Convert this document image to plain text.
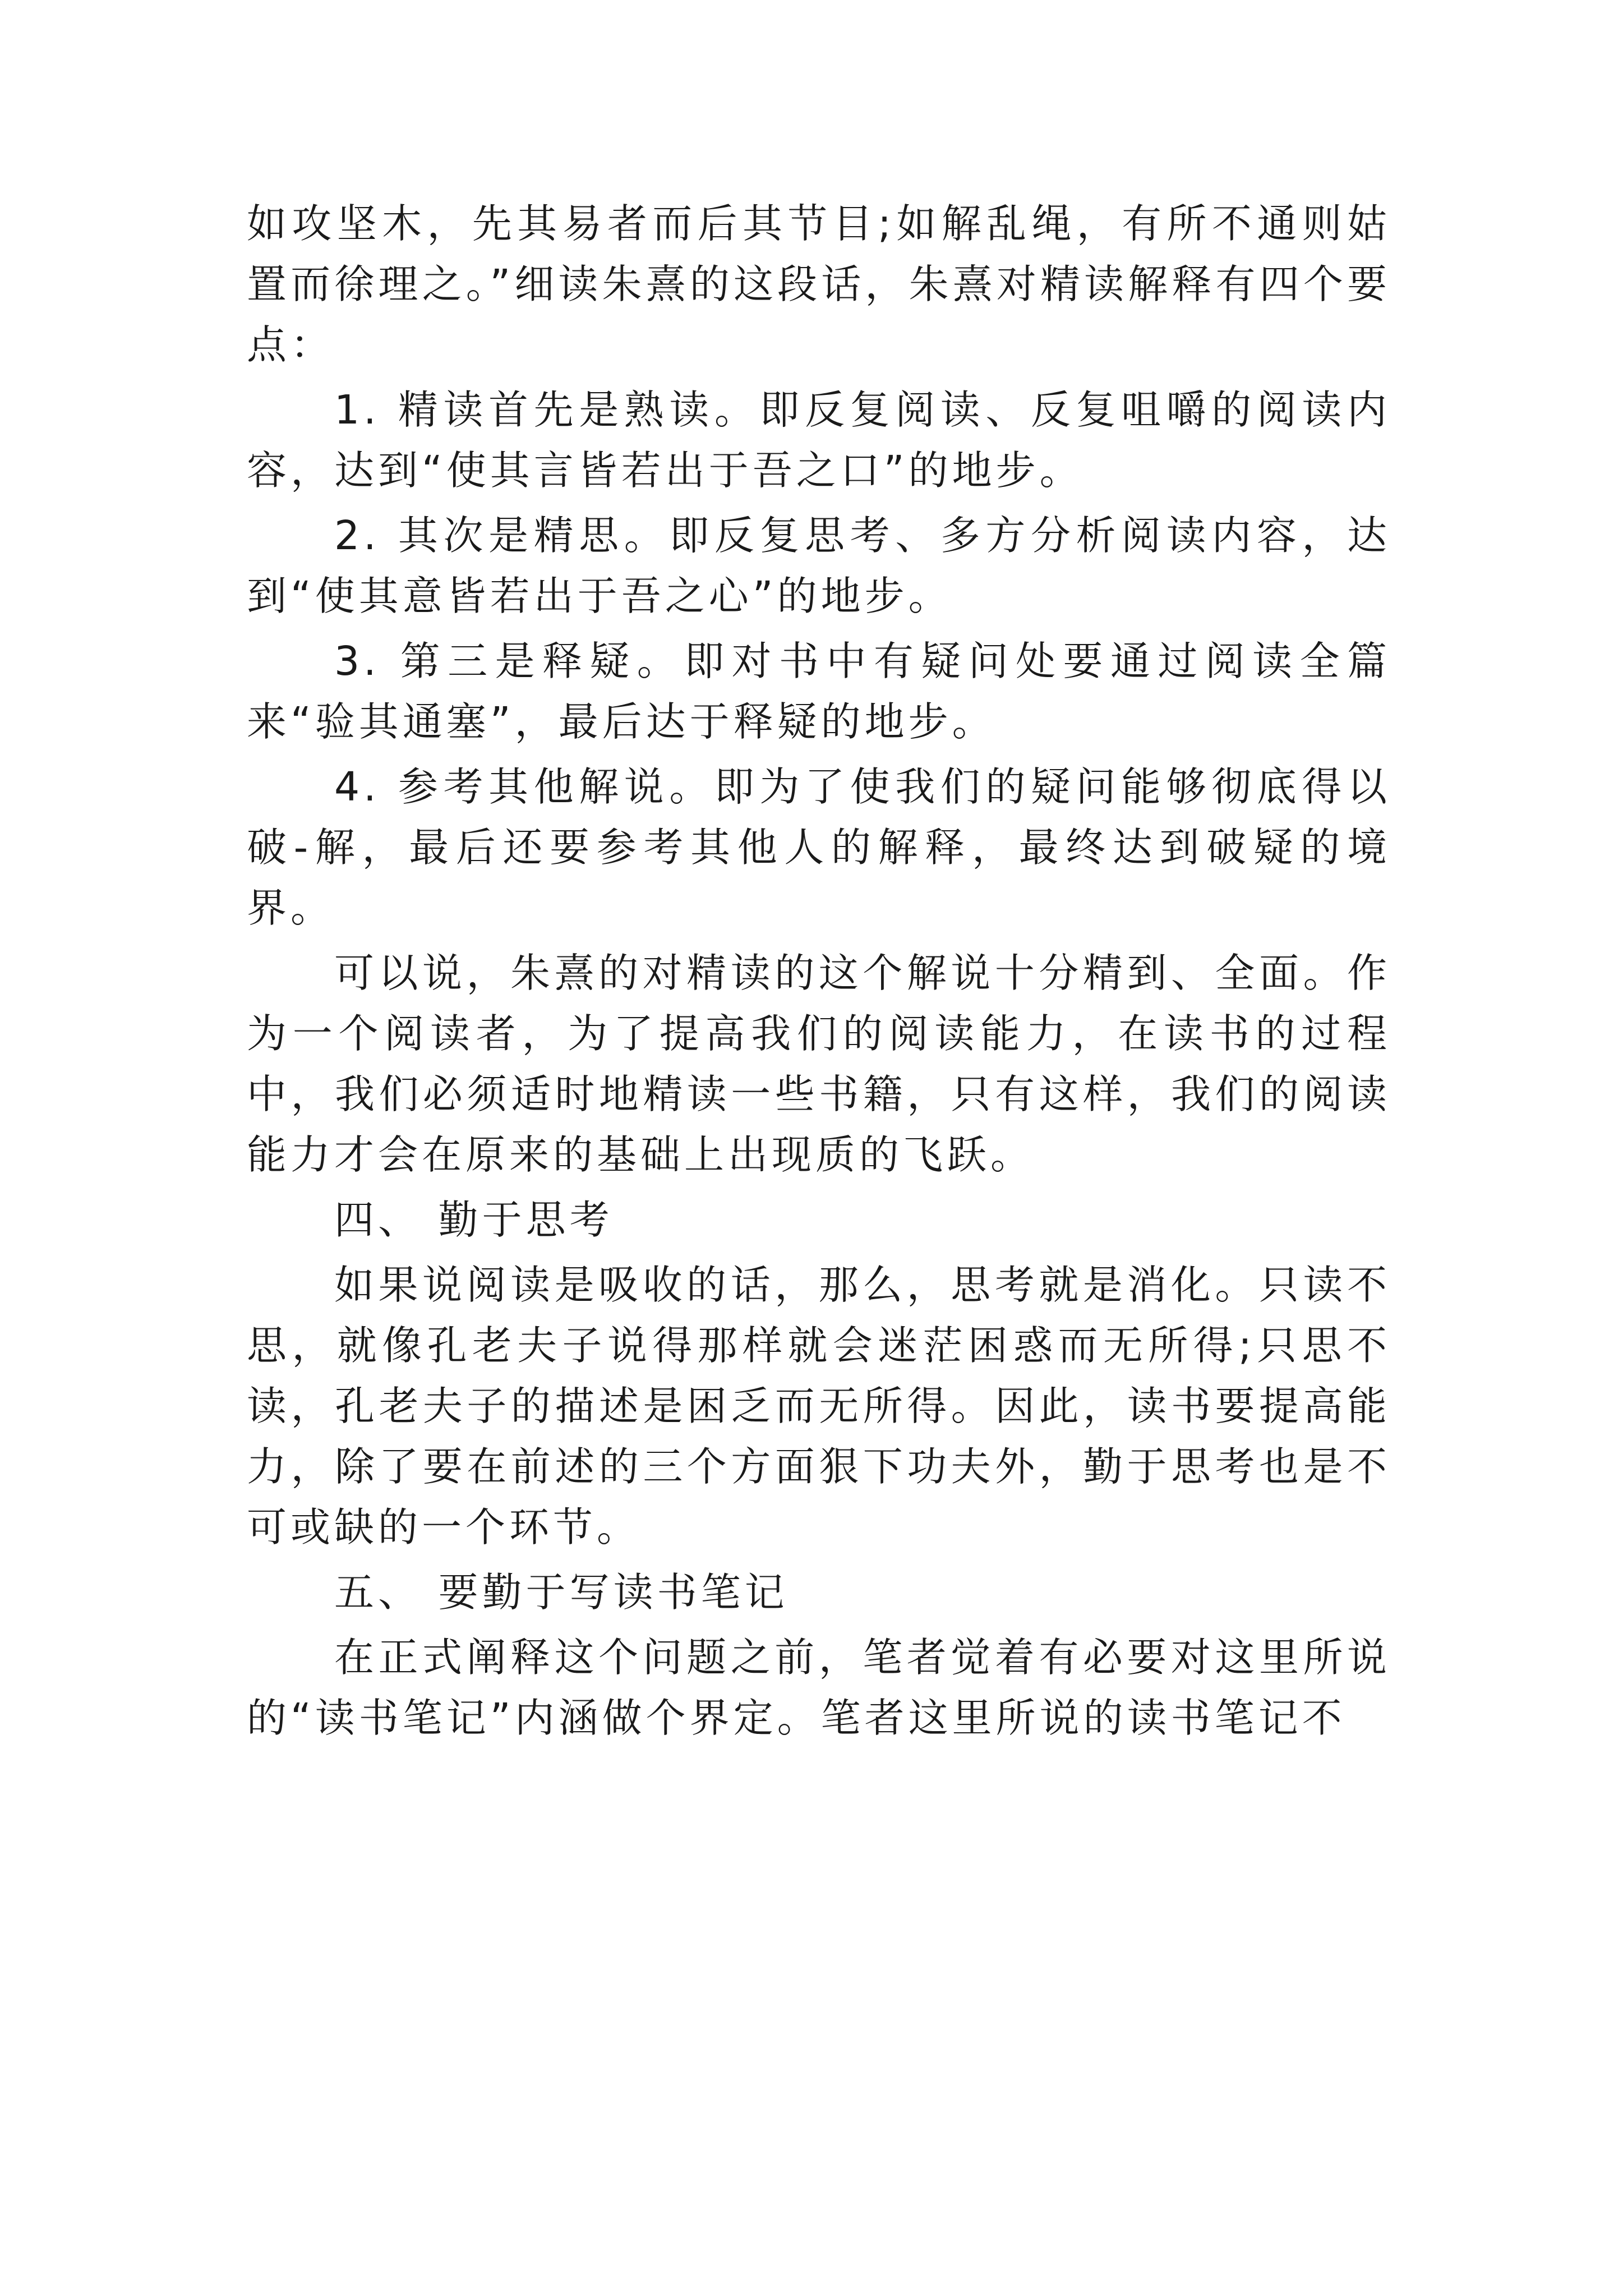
如攻坚木，先其易者而后其节目;如解乱绳，有所不通则姑置而徐理之。”细读朱熹的这段话，朱熹对精读解释有四个要点：

1. 精读首先是熟读。即反复阅读、反复咀嚼的阅读内容，达到“使其言皆若出于吾之口”的地步。

2. 其次是精思。即反复思考、多方分析阅读内容，达到“使其意皆若出于吾之心”的地步。

3. 第三是释疑。即对书中有疑问处要通过阅读全篇来“验其通塞”，最后达于释疑的地步。

4. 参考其他解说。即为了使我们的疑问能够彻底得以破-解，最后还要参考其他人的解释，最终达到破疑的境界。

可以说，朱熹的对精读的这个解说十分精到、全面。作为一个阅读者，为了提高我们的阅读能力，在读书的过程中，我们必须适时地精读一些书籍，只有这样，我们的阅读能力才会在原来的基础上出现质的飞跃。

四、 勤于思考

如果说阅读是吸收的话，那么，思考就是消化。只读不思，就像孔老夫子说得那样就会迷茫困惑而无所得;只思不读，孔老夫子的描述是困乏而无所得。因此，读书要提高能力，除了要在前述的三个方面狠下功夫外，勤于思考也是不可或缺的一个环节。

五、 要勤于写读书笔记

在正式阐释这个问题之前，笔者觉着有必要对这里所说的“读书笔记”内涵做个界定。笔者这里所说的读书笔记不
